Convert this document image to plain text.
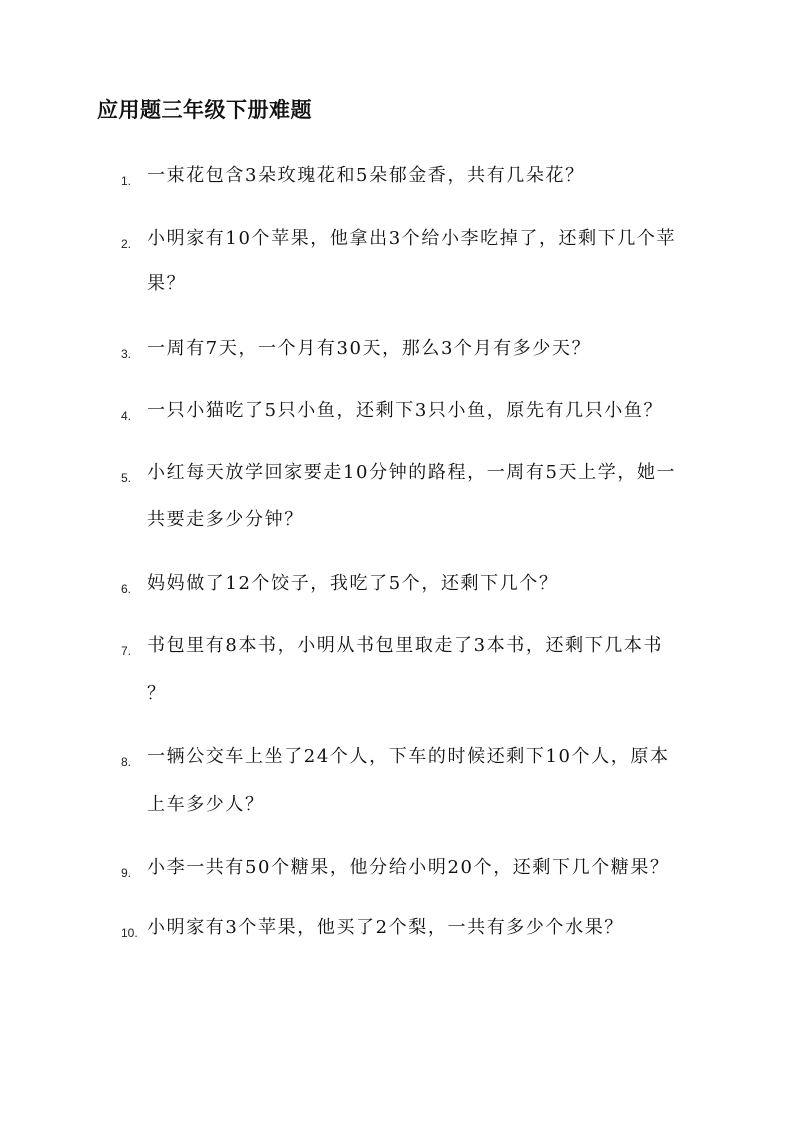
应用题三年级下册难题
1. 一束花包含3朵玫瑰花和5朵郁金香，共有几朵花？
2. 小明家有10个苹果，他拿出3个给小李吃掉了，还剩下几个苹
果？
3. 一周有7天，一个月有30天，那么3个月有多少天？
4. 一只小猫吃了5只小鱼，还剩下3只小鱼，原先有几只小鱼？
5. 小红每天放学回家要走10分钟的路程，一周有5天上学，她一
共要走多少分钟？
6. 妈妈做了12个饺子，我吃了5个，还剩下几个？
7. 书包里有8本书，小明从书包里取走了3本书，还剩下几本书
？
8. 一辆公交车上坐了24个人，下车的时候还剩下10个人，原本
上车多少人？
9. 小李一共有50个糖果，他分给小明20个，还剩下几个糖果？
10. 小明家有3个苹果，他买了2个梨，一共有多少个水果？
